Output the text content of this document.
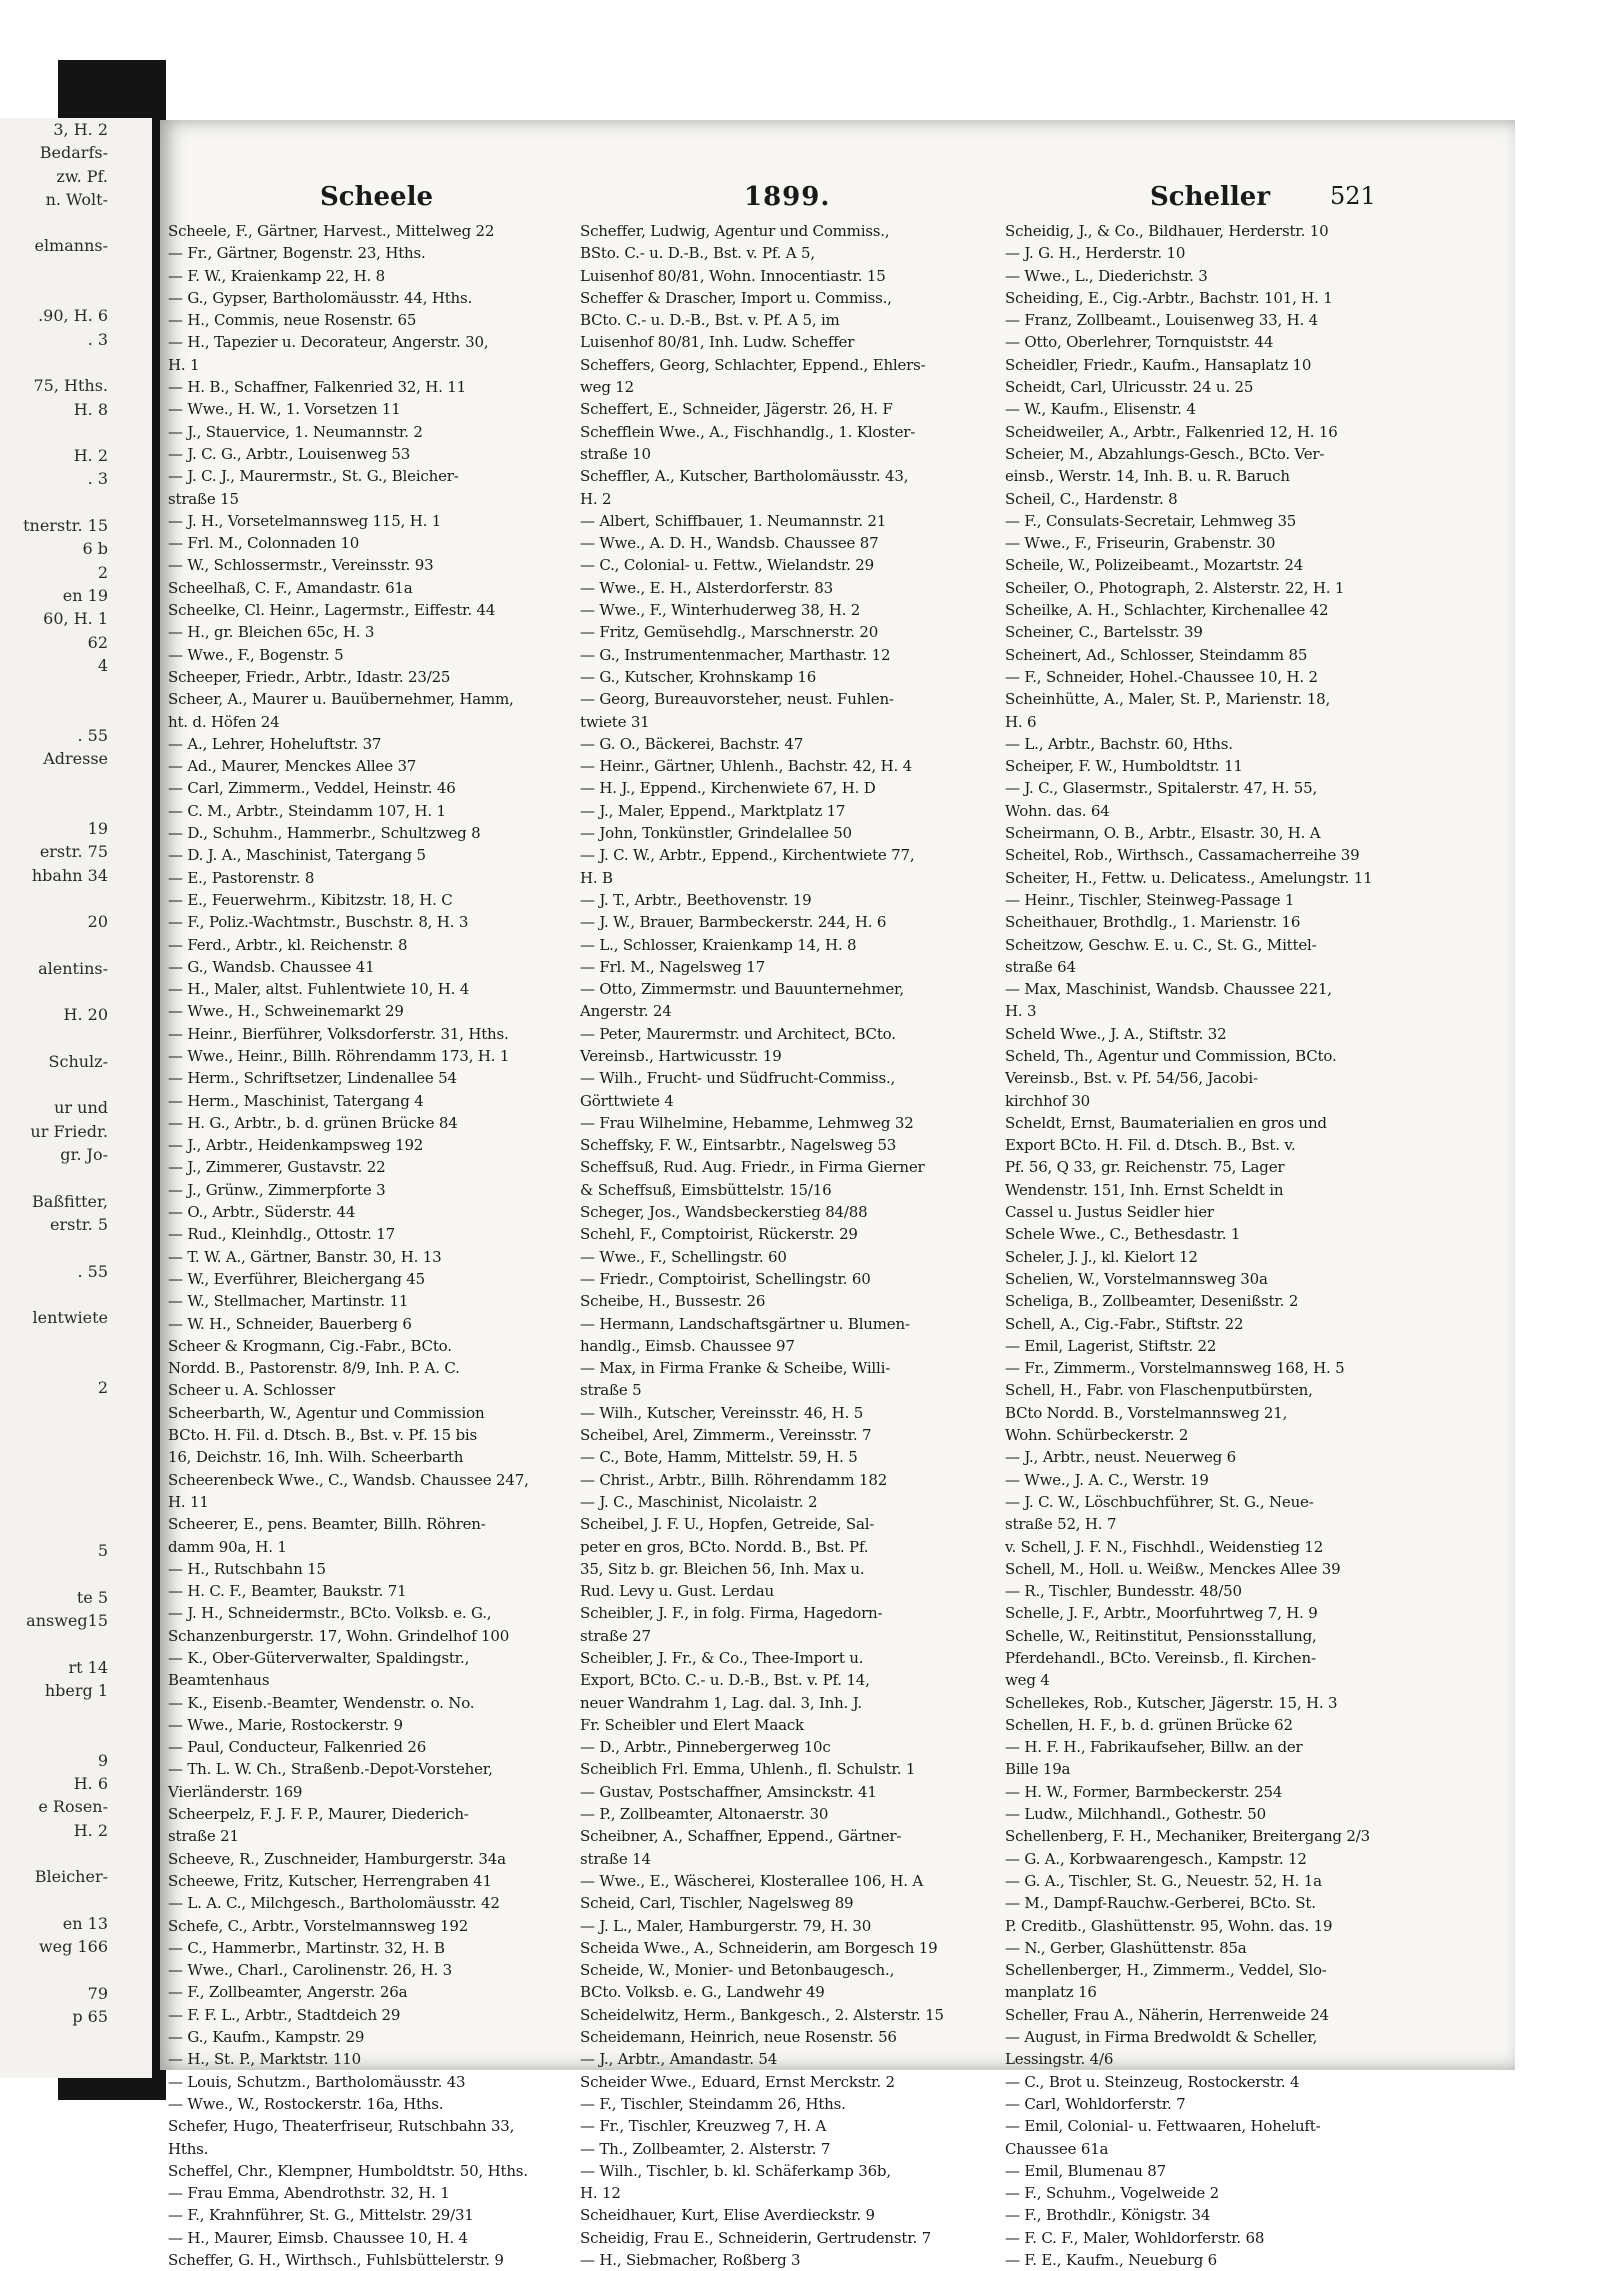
3, H. 2
Bedarfs-
zw. Pf.
n. Wolt-
elmanns-
.90, H. 6
. 3
75, Hths.
H. 8
H. 2
. 3
tnerstr. 15
6 b
2
en 19
60, H. 1
62
4
. 55
Adresse
19
erstr. 75
hbahn 34
20
alentins-
H. 20
Schulz-
ur und
ur Friedr.
gr. Jo-
Baßfitter,
erstr. 5
. 55
lentwiete
2
5
te 5
answeg15
rt 14
hberg 1
9
H. 6
e Rosen-
H. 2
Bleicher-
en 13
weg 166
79
p 65
Scheele	1899.	Scheller 521
Scheele, F., Gärtner, Harvest., Mittelweg 22
— Fr., Gärtner, Bogenstr. 23, Hths.
— F. W., Kraienkamp 22, H. 8
— G., Gypser, Bartholomäusstr. 44, Hths.
— H., Commis, neue Rosenstr. 65
— H., Tapezier u. Decorateur, Angerstr. 30,
H. 1
— H. B., Schaffner, Falkenried 32, H. 11
— Wwe., H. W., 1. Vorsetzen 11
— J., Stauervice, 1. Neumannstr. 2
— J. C. G., Arbtr., Louisenweg 53
— J. C. J., Maurermstr., St. G., Bleicher-
straße 15
— J. H., Vorsetelmannsweg 115, H. 1
— Frl. M., Colonnaden 10
— W., Schlossermstr., Vereinsstr. 93
Scheelhaß, C. F., Amandastr. 61a
Scheelke, Cl. Heinr., Lagermstr., Eiffestr. 44
— H., gr. Bleichen 65c, H. 3
— Wwe., F., Bogenstr. 5
Scheeper, Friedr., Arbtr., Idastr. 23/25
Scheer, A., Maurer u. Bauübernehmer, Hamm,
ht. d. Höfen 24
— A., Lehrer, Hoheluftstr. 37
— Ad., Maurer, Menckes Allee 37
— Carl, Zimmerm., Veddel, Heinstr. 46
— C. M., Arbtr., Steindamm 107, H. 1
— D., Schuhm., Hammerbr., Schultzweg 8
— D. J. A., Maschinist, Tatergang 5
— E., Pastorenstr. 8
— E., Feuerwehrm., Kibitzstr. 18, H. C
— F., Poliz.-Wachtmstr., Buschstr. 8, H. 3
— Ferd., Arbtr., kl. Reichenstr. 8
— G., Wandsb. Chaussee 41
— H., Maler, altst. Fuhlentwiete 10, H. 4
— Wwe., H., Schweinemarkt 29
— Heinr., Bierführer, Volksdorferstr. 31, Hths.
— Wwe., Heinr., Billh. Röhrendamm 173, H. 1
— Herm., Schriftsetzer, Lindenallee 54
— Herm., Maschinist, Tatergang 4
— H. G., Arbtr., b. d. grünen Brücke 84
— J., Arbtr., Heidenkampsweg 192
— J., Zimmerer, Gustavstr. 22
— J., Grünw., Zimmerpforte 3
— O., Arbtr., Süderstr. 44
— Rud., Kleinhdlg., Ottostr. 17
— T. W. A., Gärtner, Banstr. 30, H. 13
— W., Everführer, Bleichergang 45
— W., Stellmacher, Martinstr. 11
— W. H., Schneider, Bauerberg 6
Scheer & Krogmann, Cig.-Fabr., BCto.
Nordd. B., Pastorenstr. 8/9, Inh. P. A. C.
Scheer u. A. Schlosser
Scheerbarth, W., Agentur und Commission
BCto. H. Fil. d. Dtsch. B., Bst. v. Pf. 15 bis
16, Deichstr. 16, Inh. Wilh. Scheerbarth
Scheerenbeck Wwe., C., Wandsb. Chaussee 247,
H. 11
Scheerer, E., pens. Beamter, Billh. Röhren-
damm 90a, H. 1
— H., Rutschbahn 15
— H. C. F., Beamter, Baukstr. 71
— J. H., Schneidermstr., BCto. Volksb. e. G.,
Schanzenburgerstr. 17, Wohn. Grindelhof 100
— K., Ober-Güterverwalter, Spaldingstr.,
Beamtenhaus
— K., Eisenb.-Beamter, Wendenstr. o. No.
— Wwe., Marie, Rostockerstr. 9
— Paul, Conducteur, Falkenried 26
— Th. L. W. Ch., Straßenb.-Depot-Vorsteher,
Vierländerstr. 169
Scheerpelz, F. J. F. P., Maurer, Diederich-
straße 21
Scheeve, R., Zuschneider, Hamburgerstr. 34a
Scheewe, Fritz, Kutscher, Herrengraben 41
— L. A. C., Milchgesch., Bartholomäusstr. 42
Schefe, C., Arbtr., Vorstelmannsweg 192
— C., Hammerbr., Martinstr. 32, H. B
— Wwe., Charl., Carolinenstr. 26, H. 3
— F., Zollbeamter, Angerstr. 26a
— F. F. L., Arbtr., Stadtdeich 29
— G., Kaufm., Kampstr. 29
— H., St. P., Marktstr. 110
— Louis, Schutzm., Bartholomäusstr. 43
— Wwe., W., Rostockerstr. 16a, Hths.
Schefer, Hugo, Theaterfriseur, Rutschbahn 33,
Hths.
Scheffel, Chr., Klempner, Humboldtstr. 50, Hths.
— Frau Emma, Abendrothstr. 32, H. 1
— F., Krahnführer, St. G., Mittelstr. 29/31
— H., Maurer, Eimsb. Chaussee 10, H. 4
Scheffer, G. H., Wirthsch., Fuhlsbüttelerstr. 9
Scheffer, Ludwig, Agentur und Commiss.,
BSto. C.- u. D.-B., Bst. v. Pf. A 5,
Luisenhof 80/81, Wohn. Innocentiastr. 15
Scheffer & Drascher, Import u. Commiss.,
BCto. C.- u. D.-B., Bst. v. Pf. A 5, im
Luisenhof 80/81, Inh. Ludw. Scheffer
Scheffers, Georg, Schlachter, Eppend., Ehlers-
weg 12
Scheffert, E., Schneider, Jägerstr. 26, H. F
Schefflein Wwe., A., Fischhandlg., 1. Kloster-
straße 10
Scheffler, A., Kutscher, Bartholomäusstr. 43,
H. 2
— Albert, Schiffbauer, 1. Neumannstr. 21
— Wwe., A. D. H., Wandsb. Chaussee 87
— C., Colonial- u. Fettw., Wielandstr. 29
— Wwe., E. H., Alsterdorferstr. 83
— Wwe., F., Winterhuderweg 38, H. 2
— Fritz, Gemüsehdlg., Marschnerstr. 20
— G., Instrumentenmacher, Marthastr. 12
— G., Kutscher, Krohnskamp 16
— Georg, Bureauvorsteher, neust. Fuhlen-
twiete 31
— G. O., Bäckerei, Bachstr. 47
— Heinr., Gärtner, Uhlenh., Bachstr. 42, H. 4
— H. J., Eppend., Kirchenwiete 67, H. D
— J., Maler, Eppend., Marktplatz 17
— John, Tonkünstler, Grindelallee 50
— J. C. W., Arbtr., Eppend., Kirchentwiete 77,
H. B
— J. T., Arbtr., Beethovenstr. 19
— J. W., Brauer, Barmbeckerstr. 244, H. 6
— L., Schlosser, Kraienkamp 14, H. 8
— Frl. M., Nagelsweg 17
— Otto, Zimmermstr. und Bauunternehmer,
Angerstr. 24
— Peter, Maurermstr. und Architect, BCto.
Vereinsb., Hartwicusstr. 19
— Wilh., Frucht- und Südfrucht-Commiss.,
Görttwiete 4
— Frau Wilhelmine, Hebamme, Lehmweg 32
Scheffsky, F. W., Eintsarbtr., Nagelsweg 53
Scheffsuß, Rud. Aug. Friedr., in Firma Gierner
& Scheffsuß, Eimsbüttelstr. 15/16
Scheger, Jos., Wandsbeckerstieg 84/88
Schehl, F., Comptoirist, Rückerstr. 29
— Wwe., F., Schellingstr. 60
— Friedr., Comptoirist, Schellingstr. 60
Scheibe, H., Bussestr. 26
— Hermann, Landschaftsgärtner u. Blumen-
handlg., Eimsb. Chaussee 97
— Max, in Firma Franke & Scheibe, Willi-
straße 5
— Wilh., Kutscher, Vereinsstr. 46, H. 5
Scheibel, Arel, Zimmerm., Vereinsstr. 7
— C., Bote, Hamm, Mittelstr. 59, H. 5
— Christ., Arbtr., Billh. Röhrendamm 182
— J. C., Maschinist, Nicolaistr. 2
Scheibel, J. F. U., Hopfen, Getreide, Sal-
peter en gros, BCto. Nordd. B., Bst. Pf.
35, Sitz b. gr. Bleichen 56, Inh. Max u.
Rud. Levy u. Gust. Lerdau
Scheibler, J. F., in folg. Firma, Hagedorn-
straße 27
Scheibler, J. Fr., & Co., Thee-Import u.
Export, BCto. C.- u. D.-B., Bst. v. Pf. 14,
neuer Wandrahm 1, Lag. dal. 3, Inh. J.
Fr. Scheibler und Elert Maack
— D., Arbtr., Pinnebergerweg 10c
Scheiblich Frl. Emma, Uhlenh., fl. Schulstr. 1
— Gustav, Postschaffner, Amsinckstr. 41
— P., Zollbeamter, Altonaerstr. 30
Scheibner, A., Schaffner, Eppend., Gärtner-
straße 14
— Wwe., E., Wäscherei, Klosterallee 106, H. A
Scheid, Carl, Tischler, Nagelsweg 89
— J. L., Maler, Hamburgerstr. 79, H. 30
Scheida Wwe., A., Schneiderin, am Borgesch 19
Scheide, W., Monier- und Betonbaugesch.,
BCto. Volksb. e. G., Landwehr 49
Scheidelwitz, Herm., Bankgesch., 2. Alsterstr. 15
Scheidemann, Heinrich, neue Rosenstr. 56
— J., Arbtr., Amandastr. 54
Scheider Wwe., Eduard, Ernst Merckstr. 2
— F., Tischler, Steindamm 26, Hths.
— Fr., Tischler, Kreuzweg 7, H. A
— Th., Zollbeamter, 2. Alsterstr. 7
— Wilh., Tischler, b. kl. Schäferkamp 36b,
H. 12
Scheidhauer, Kurt, Elise Averdieckstr. 9
Scheidig, Frau E., Schneiderin, Gertrudenstr. 7
— H., Siebmacher, Roßberg 3
Scheidig, J., & Co., Bildhauer, Herderstr. 10
— J. G. H., Herderstr. 10
— Wwe., L., Diederichstr. 3
Scheiding, E., Cig.-Arbtr., Bachstr. 101, H. 1
— Franz, Zollbeamt., Louisenweg 33, H. 4
— Otto, Oberlehrer, Tornquiststr. 44
Scheidler, Friedr., Kaufm., Hansaplatz 10
Scheidt, Carl, Ulricusstr. 24 u. 25
— W., Kaufm., Elisenstr. 4
Scheidweiler, A., Arbtr., Falkenried 12, H. 16
Scheier, M., Abzahlungs-Gesch., BCto. Ver-
einsb., Werstr. 14, Inh. B. u. R. Baruch
Scheil, C., Hardenstr. 8
— F., Consulats-Secretair, Lehmweg 35
— Wwe., F., Friseurin, Grabenstr. 30
Scheile, W., Polizeibeamt., Mozartstr. 24
Scheiler, O., Photograph, 2. Alsterstr. 22, H. 1
Scheilke, A. H., Schlachter, Kirchenallee 42
Scheiner, C., Bartelsstr. 39
Scheinert, Ad., Schlosser, Steindamm 85
— F., Schneider, Hohel.-Chaussee 10, H. 2
Scheinhütte, A., Maler, St. P., Marienstr. 18,
H. 6
— L., Arbtr., Bachstr. 60, Hths.
Scheiper, F. W., Humboldtstr. 11
— J. C., Glasermstr., Spitalerstr. 47, H. 55,
Wohn. das. 64
Scheirmann, O. B., Arbtr., Elsastr. 30, H. A
Scheitel, Rob., Wirthsch., Cassamacherreihe 39
Scheiter, H., Fettw. u. Delicatess., Amelungstr. 11
— Heinr., Tischler, Steinweg-Passage 1
Scheithauer, Brothdlg., 1. Marienstr. 16
Scheitzow, Geschw. E. u. C., St. G., Mittel-
straße 64
— Max, Maschinist, Wandsb. Chaussee 221,
H. 3
Scheld Wwe., J. A., Stiftstr. 32
Scheld, Th., Agentur und Commission, BCto.
Vereinsb., Bst. v. Pf. 54/56, Jacobi-
kirchhof 30
Scheldt, Ernst, Baumaterialien en gros und
Export BCto. H. Fil. d. Dtsch. B., Bst. v.
Pf. 56, Q 33, gr. Reichenstr. 75, Lager
Wendenstr. 151, Inh. Ernst Scheldt in
Cassel u. Justus Seidler hier
Schele Wwe., C., Bethesdastr. 1
Scheler, J. J., kl. Kielort 12
Schelien, W., Vorstelmannsweg 30a
Scheliga, B., Zollbeamter, Desenißstr. 2
Schell, A., Cig.-Fabr., Stiftstr. 22
— Emil, Lagerist, Stiftstr. 22
— Fr., Zimmerm., Vorstelmannsweg 168, H. 5
Schell, H., Fabr. von Flaschenputbürsten,
BCto Nordd. B., Vorstelmannsweg 21,
Wohn. Schürbeckerstr. 2
— J., Arbtr., neust. Neuerweg 6
— Wwe., J. A. C., Werstr. 19
— J. C. W., Löschbuchführer, St. G., Neue-
straße 52, H. 7
v. Schell, J. F. N., Fischhdl., Weidenstieg 12
Schell, M., Holl. u. Weißw., Menckes Allee 39
— R., Tischler, Bundesstr. 48/50
Schelle, J. F., Arbtr., Moorfuhrtweg 7, H. 9
Schelle, W., Reitinstitut, Pensionsstallung,
Pferdehandl., BCto. Vereinsb., fl. Kirchen-
weg 4
Schellekes, Rob., Kutscher, Jägerstr. 15, H. 3
Schellen, H. F., b. d. grünen Brücke 62
— H. F. H., Fabrikaufseher, Billw. an der
Bille 19a
— H. W., Former, Barmbeckerstr. 254
— Ludw., Milchhandl., Gothestr. 50
Schellenberg, F. H., Mechaniker, Breitergang 2/3
— G. A., Korbwaarengesch., Kampstr. 12
— G. A., Tischler, St. G., Neuestr. 52, H. 1a
— M., Dampf-Rauchw.-Gerberei, BCto. St.
P. Creditb., Glashüttenstr. 95, Wohn. das. 19
— N., Gerber, Glashüttenstr. 85a
Schellenberger, H., Zimmerm., Veddel, Slo-
manplatz 16
Scheller, Frau A., Näherin, Herrenweide 24
— August, in Firma Bredwoldt & Scheller,
Lessingstr. 4/6
— C., Brot u. Steinzeug, Rostockerstr. 4
— Carl, Wohldorferstr. 7
— Emil, Colonial- u. Fettwaaren, Hoheluft-
Chaussee 61a
— Emil, Blumenau 87
— F., Schuhm., Vogelweide 2
— F., Brothdlr., Königstr. 34
— F. C. F., Maler, Wohldorferstr. 68
— F. E., Kaufm., Neueburg 6
